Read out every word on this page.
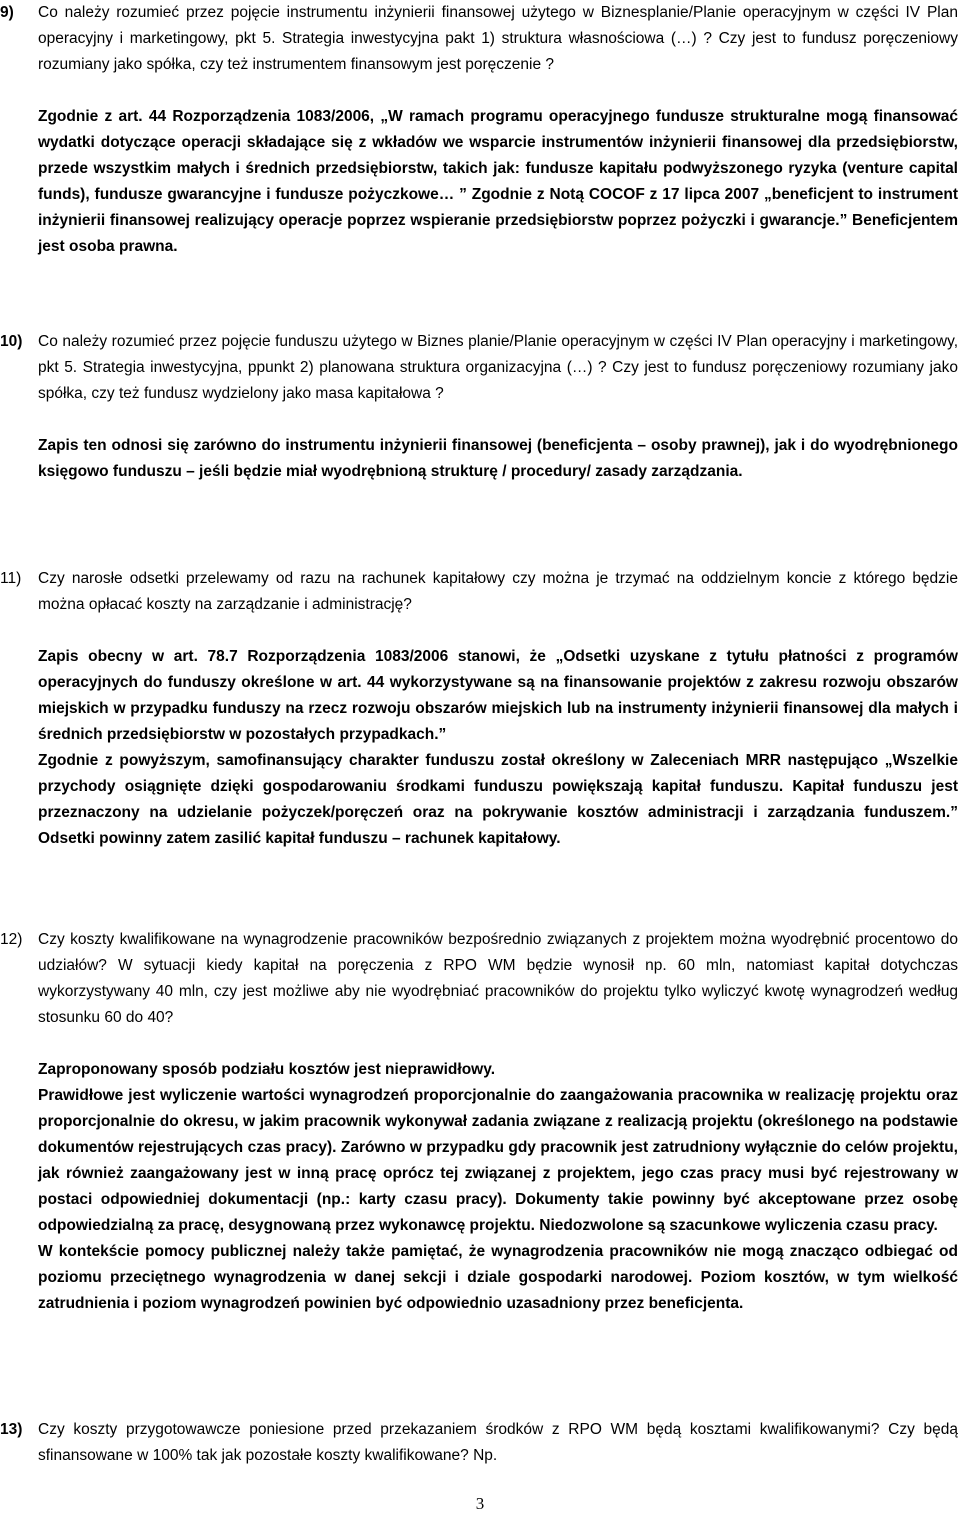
9)	Co należy rozumieć przez pojęcie instrumentu inżynierii finansowej użytego w Biznesplanie/Planie operacyjnym w części IV Plan operacyjny i marketingowy, pkt 5. Strategia inwestycyjna pakt 1) struktura własnościowa (…) ? Czy jest to fundusz poręczeniowy rozumiany jako spółka, czy też instrumentem finansowym jest poręczenie ?

Zgodnie z art. 44 Rozporządzenia 1083/2006, „W ramach programu operacyjnego fundusze strukturalne mogą finansować wydatki dotyczące operacji składające się z wkładów we wsparcie instrumentów inżynierii finansowej dla przedsiębiorstw, przede wszystkim małych i średnich przedsiębiorstw, takich jak: fundusze kapitału podwyższonego ryzyka (venture capital funds), fundusze gwarancyjne i fundusze pożyczkowe… ” Zgodnie z Notą COCOF z 17 lipca 2007 „beneficjent to instrument inżynierii finansowej realizujący operacje poprzez wspieranie przedsiębiorstw poprzez pożyczki i gwarancje.” Beneficjentem jest osoba prawna.

10)	Co należy rozumieć przez pojęcie funduszu użytego w Biznes planie/Planie operacyjnym w części IV Plan operacyjny i marketingowy, pkt 5. Strategia inwestycyjna, ppunkt 2) planowana struktura organizacyjna (…) ? Czy jest to fundusz poręczeniowy rozumiany jako spółka, czy też fundusz wydzielony jako masa kapitałowa ?

Zapis ten odnosi się zarówno do instrumentu inżynierii finansowej (beneficjenta – osoby prawnej), jak i do wyodrębnionego księgowo funduszu – jeśli będzie miał wyodrębnioną strukturę / procedury/ zasady zarządzania.

11)	Czy narosłe odsetki przelewamy od razu na rachunek kapitałowy czy można je trzymać na oddzielnym koncie z którego będzie można opłacać koszty na zarządzanie i administrację?

Zapis obecny w art. 78.7 Rozporządzenia 1083/2006 stanowi, że „Odsetki uzyskane z tytułu płatności z programów operacyjnych do funduszy określone w art. 44 wykorzystywane są na finansowanie projektów z zakresu rozwoju obszarów miejskich w przypadku funduszy na rzecz rozwoju obszarów miejskich lub na instrumenty inżynierii finansowej dla małych i średnich przedsiębiorstw w pozostałych przypadkach.”

Zgodnie z powyższym, samofinansujący charakter funduszu został określony w Zaleceniach MRR następująco „Wszelkie przychody osiągnięte dzięki gospodarowaniu środkami funduszu powiększają kapitał funduszu. Kapitał funduszu jest przeznaczony na udzielanie pożyczek/poręczeń oraz na pokrywanie kosztów administracji i zarządzania funduszem.” Odsetki powinny zatem zasilić kapitał funduszu – rachunek kapitałowy.

12)	Czy koszty kwalifikowane na wynagrodzenie pracowników bezpośrednio związanych z projektem można wyodrębnić procentowo do udziałów? W sytuacji kiedy kapitał na poręczenia z RPO WM będzie wynosił np. 60 mln, natomiast kapitał dotychczas wykorzystywany 40 mln, czy jest możliwe aby nie wyodrębniać pracowników do projektu tylko wyliczyć kwotę wynagrodzeń według stosunku 60 do 40?

Zaproponowany sposób podziału kosztów jest nieprawidłowy.

Prawidłowe jest wyliczenie wartości wynagrodzeń proporcjonalnie do zaangażowania pracownika w realizację projektu oraz proporcjonalnie do okresu, w jakim pracownik wykonywał zadania związane z realizacją projektu (określonego na podstawie dokumentów rejestrujących czas pracy). Zarówno w przypadku gdy pracownik jest zatrudniony wyłącznie do celów projektu, jak również zaangażowany jest w inną pracę oprócz tej związanej z projektem, jego czas pracy musi być rejestrowany w postaci odpowiedniej dokumentacji (np.: karty czasu pracy). Dokumenty takie powinny być akceptowane przez osobę odpowiedzialną za pracę, desygnowaną przez wykonawcę projektu. Niedozwolone są szacunkowe wyliczenia czasu pracy.

W kontekście pomocy publicznej należy także pamiętać, że wynagrodzenia pracowników nie mogą znacząco odbiegać od poziomu przeciętnego wynagrodzenia w danej sekcji i dziale gospodarki narodowej. Poziom kosztów, w tym wielkość zatrudnienia i poziom wynagrodzeń powinien być odpowiednio uzasadniony przez beneficjenta.

13)	Czy koszty przygotowawcze poniesione przed przekazaniem środków z RPO WM będą kosztami kwalifikowanymi? Czy będą sfinansowane w 100% tak jak pozostałe koszty kwalifikowane? Np.

3
